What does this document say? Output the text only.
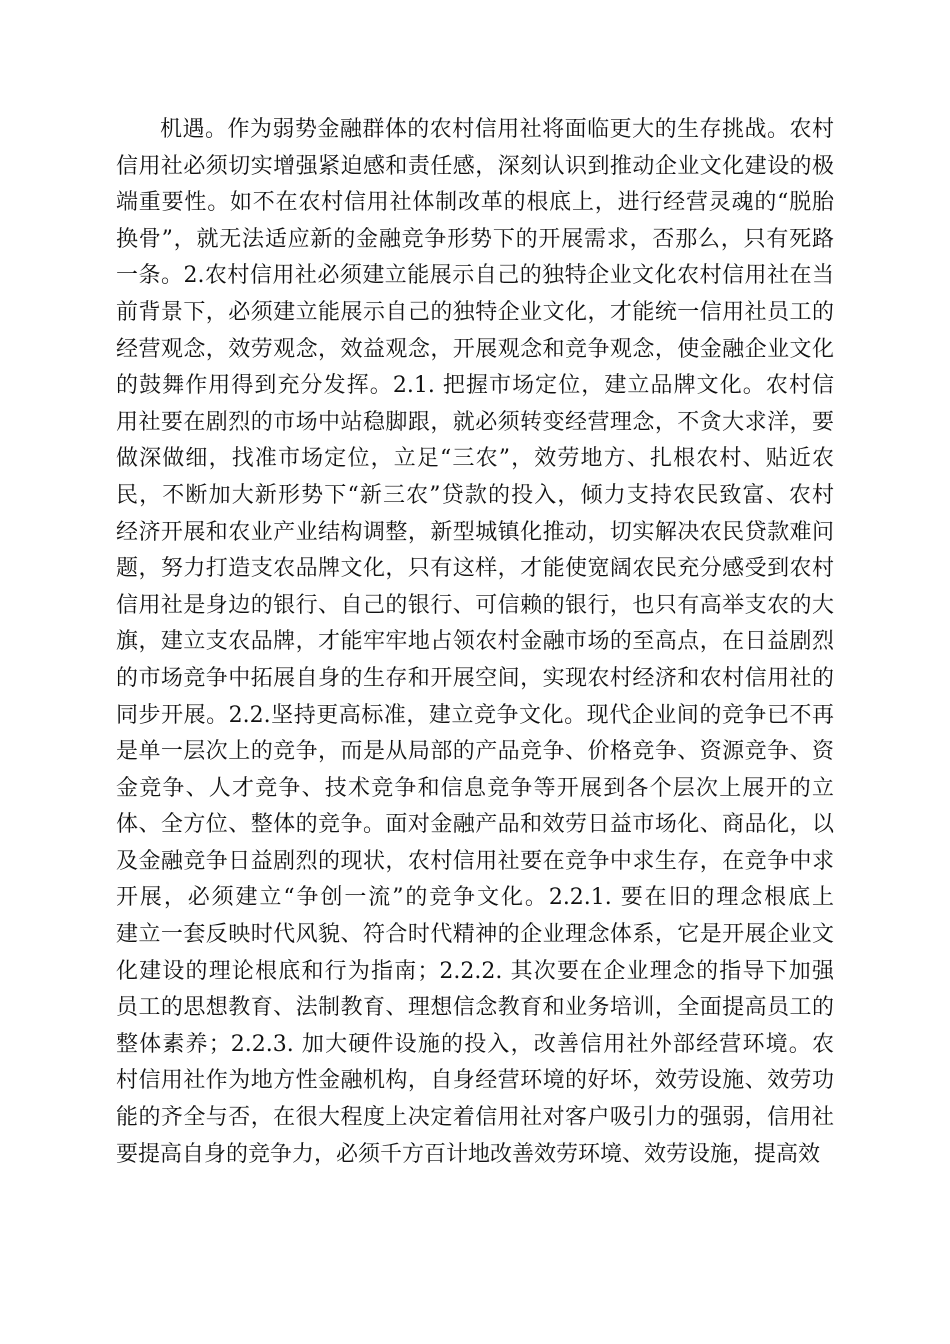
机遇。作为弱势金融群体的农村信用社将面临更大的生存挑战。农村
信用社必须切实增强紧迫感和责任感，深刻认识到推动企业文化建设的极
端重要性。如不在农村信用社体制改革的根底上，进行经营灵魂的“脱胎
换骨”，就无法适应新的金融竞争形势下的开展需求，否那么，只有死路
一条。2.农村信用社必须建立能展示自己的独特企业文化农村信用社在当
前背景下，必须建立能展示自己的独特企业文化，才能统一信用社员工的
经营观念，效劳观念，效益观念，开展观念和竞争观念，使金融企业文化
的鼓舞作用得到充分发挥。2.1. 把握市场定位，建立品牌文化。农村信
用社要在剧烈的市场中站稳脚跟，就必须转变经营理念，不贪大求洋，要
做深做细，找准市场定位，立足“三农”，效劳地方、扎根农村、贴近农
民，不断加大新形势下“新三农”贷款的投入，倾力支持农民致富、农村
经济开展和农业产业结构调整，新型城镇化推动，切实解决农民贷款难问
题，努力打造支农品牌文化，只有这样，才能使宽阔农民充分感受到农村
信用社是身边的银行、自己的银行、可信赖的银行，也只有高举支农的大
旗，建立支农品牌，才能牢牢地占领农村金融市场的至高点，在日益剧烈
的市场竞争中拓展自身的生存和开展空间，实现农村经济和农村信用社的
同步开展。2.2.坚持更高标准，建立竞争文化。现代企业间的竞争已不再
是单一层次上的竞争，而是从局部的产品竞争、价格竞争、资源竞争、资
金竞争、人才竞争、技术竞争和信息竞争等开展到各个层次上展开的立
体、全方位、整体的竞争。面对金融产品和效劳日益市场化、商品化，以
及金融竞争日益剧烈的现状，农村信用社要在竞争中求生存，在竞争中求
开展，必须建立“争创一流”的竞争文化。2.2.1. 要在旧的理念根底上
建立一套反映时代风貌、符合时代精神的企业理念体系，它是开展企业文
化建设的理论根底和行为指南；2.2.2. 其次要在企业理念的指导下加强
员工的思想教育、法制教育、理想信念教育和业务培训，全面提高员工的
整体素养；2.2.3. 加大硬件设施的投入，改善信用社外部经营环境。农
村信用社作为地方性金融机构，自身经营环境的好坏，效劳设施、效劳功
能的齐全与否，在很大程度上决定着信用社对客户吸引力的强弱，信用社
要提高自身的竞争力，必须千方百计地改善效劳环境、效劳设施，提高效
